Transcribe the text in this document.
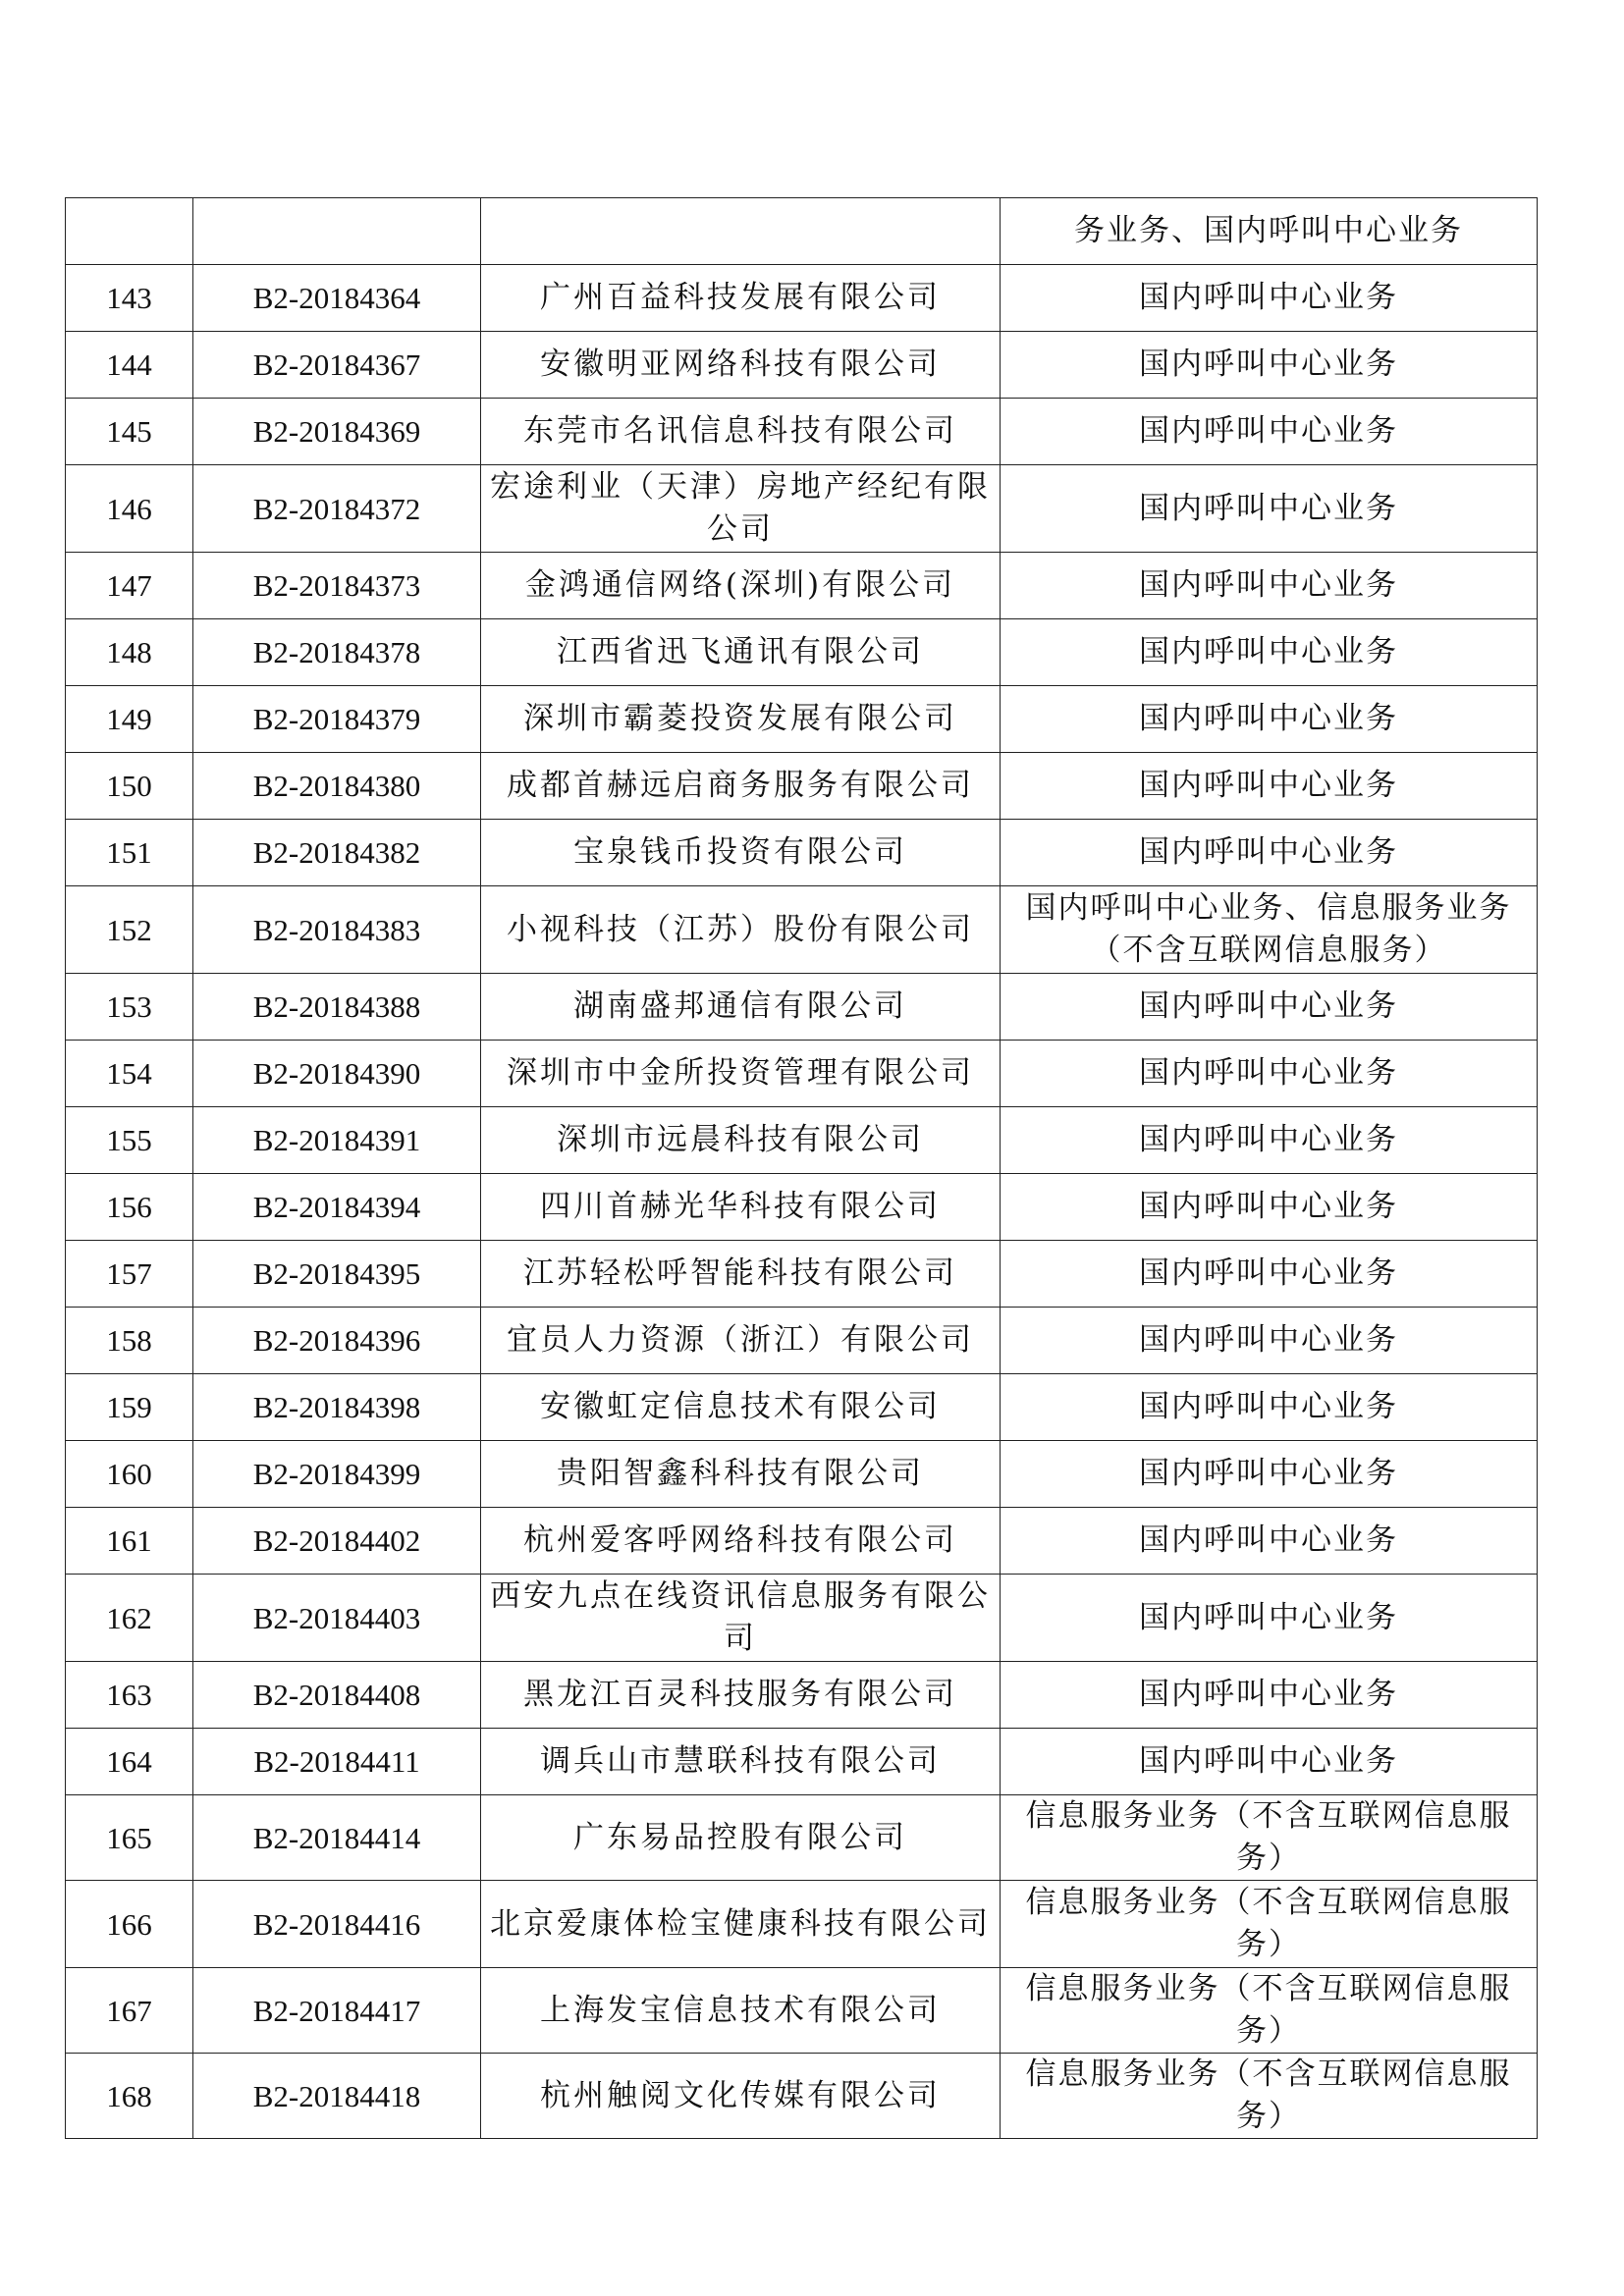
			务业务、国内呼叫中心业务
143	B2-20184364	广州百益科技发展有限公司	国内呼叫中心业务
144	B2-20184367	安徽明亚网络科技有限公司	国内呼叫中心业务
145	B2-20184369	东莞市名讯信息科技有限公司	国内呼叫中心业务
146	B2-20184372	宏途利业（天津）房地产经纪有限公司	国内呼叫中心业务
147	B2-20184373	金鸿通信网络(深圳)有限公司	国内呼叫中心业务
148	B2-20184378	江西省迅飞通讯有限公司	国内呼叫中心业务
149	B2-20184379	深圳市霸菱投资发展有限公司	国内呼叫中心业务
150	B2-20184380	成都首赫远启商务服务有限公司	国内呼叫中心业务
151	B2-20184382	宝泉钱币投资有限公司	国内呼叫中心业务
152	B2-20184383	小视科技（江苏）股份有限公司	国内呼叫中心业务、信息服务业务（不含互联网信息服务）
153	B2-20184388	湖南盛邦通信有限公司	国内呼叫中心业务
154	B2-20184390	深圳市中金所投资管理有限公司	国内呼叫中心业务
155	B2-20184391	深圳市远晨科技有限公司	国内呼叫中心业务
156	B2-20184394	四川首赫光华科技有限公司	国内呼叫中心业务
157	B2-20184395	江苏轻松呼智能科技有限公司	国内呼叫中心业务
158	B2-20184396	宜员人力资源（浙江）有限公司	国内呼叫中心业务
159	B2-20184398	安徽虹定信息技术有限公司	国内呼叫中心业务
160	B2-20184399	贵阳智鑫科科技有限公司	国内呼叫中心业务
161	B2-20184402	杭州爱客呼网络科技有限公司	国内呼叫中心业务
162	B2-20184403	西安九点在线资讯信息服务有限公司	国内呼叫中心业务
163	B2-20184408	黑龙江百灵科技服务有限公司	国内呼叫中心业务
164	B2-20184411	调兵山市慧联科技有限公司	国内呼叫中心业务
165	B2-20184414	广东易品控股有限公司	信息服务业务（不含互联网信息服务）
166	B2-20184416	北京爱康体检宝健康科技有限公司	信息服务业务（不含互联网信息服务）
167	B2-20184417	上海发宝信息技术有限公司	信息服务业务（不含互联网信息服务）
168	B2-20184418	杭州触阅文化传媒有限公司	信息服务业务（不含互联网信息服务）
